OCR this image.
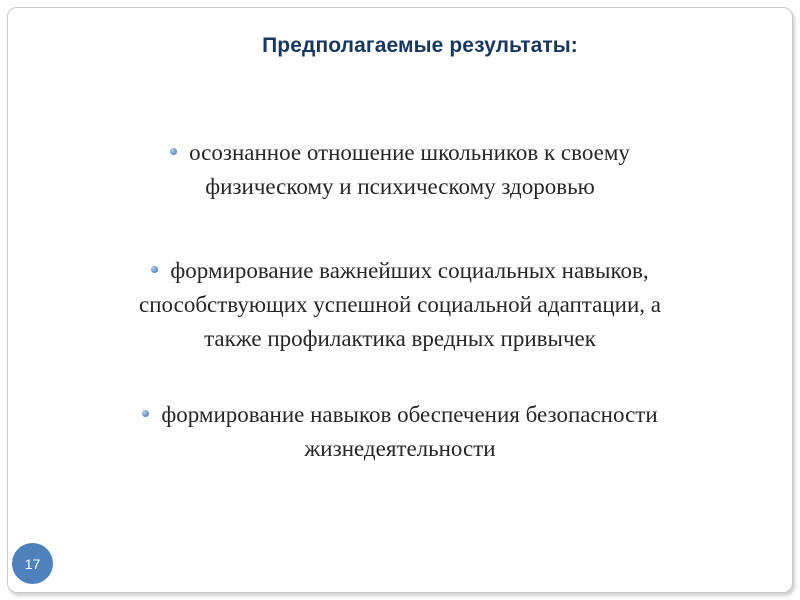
Предполагаемые результаты:
осознанное отношение школьников к своему
физическому и психическому здоровью
формирование важнейших социальных навыков,
способствующих успешной социальной адаптации, а
также профилактика вредных привычек
формирование навыков обеспечения безопасности
жизнедеятельности
17
